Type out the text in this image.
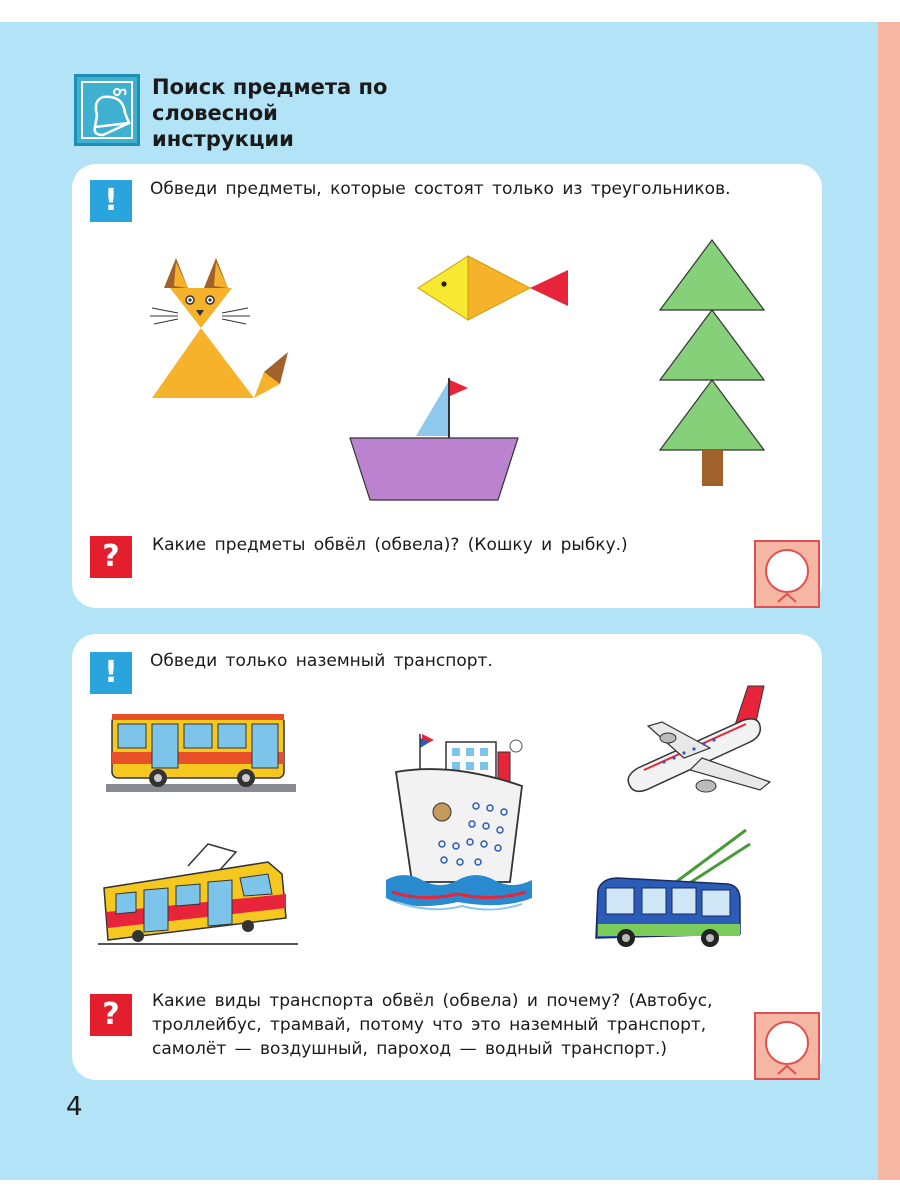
Поиск предмета по словесной инструкции

!	Обведи предметы, которые состоят только из треугольников.

?	Какие предметы обвёл (обвела)? (Кошку и рыбку.)

!	Обведи только наземный транспорт.

?	Какие виды транспорта обвёл (обвела) и почему? (Автобус,

троллейбус, трамвай, потому что это наземный транспорт,

самолёт — воздушный, пароход — водный транспорт.)

4
